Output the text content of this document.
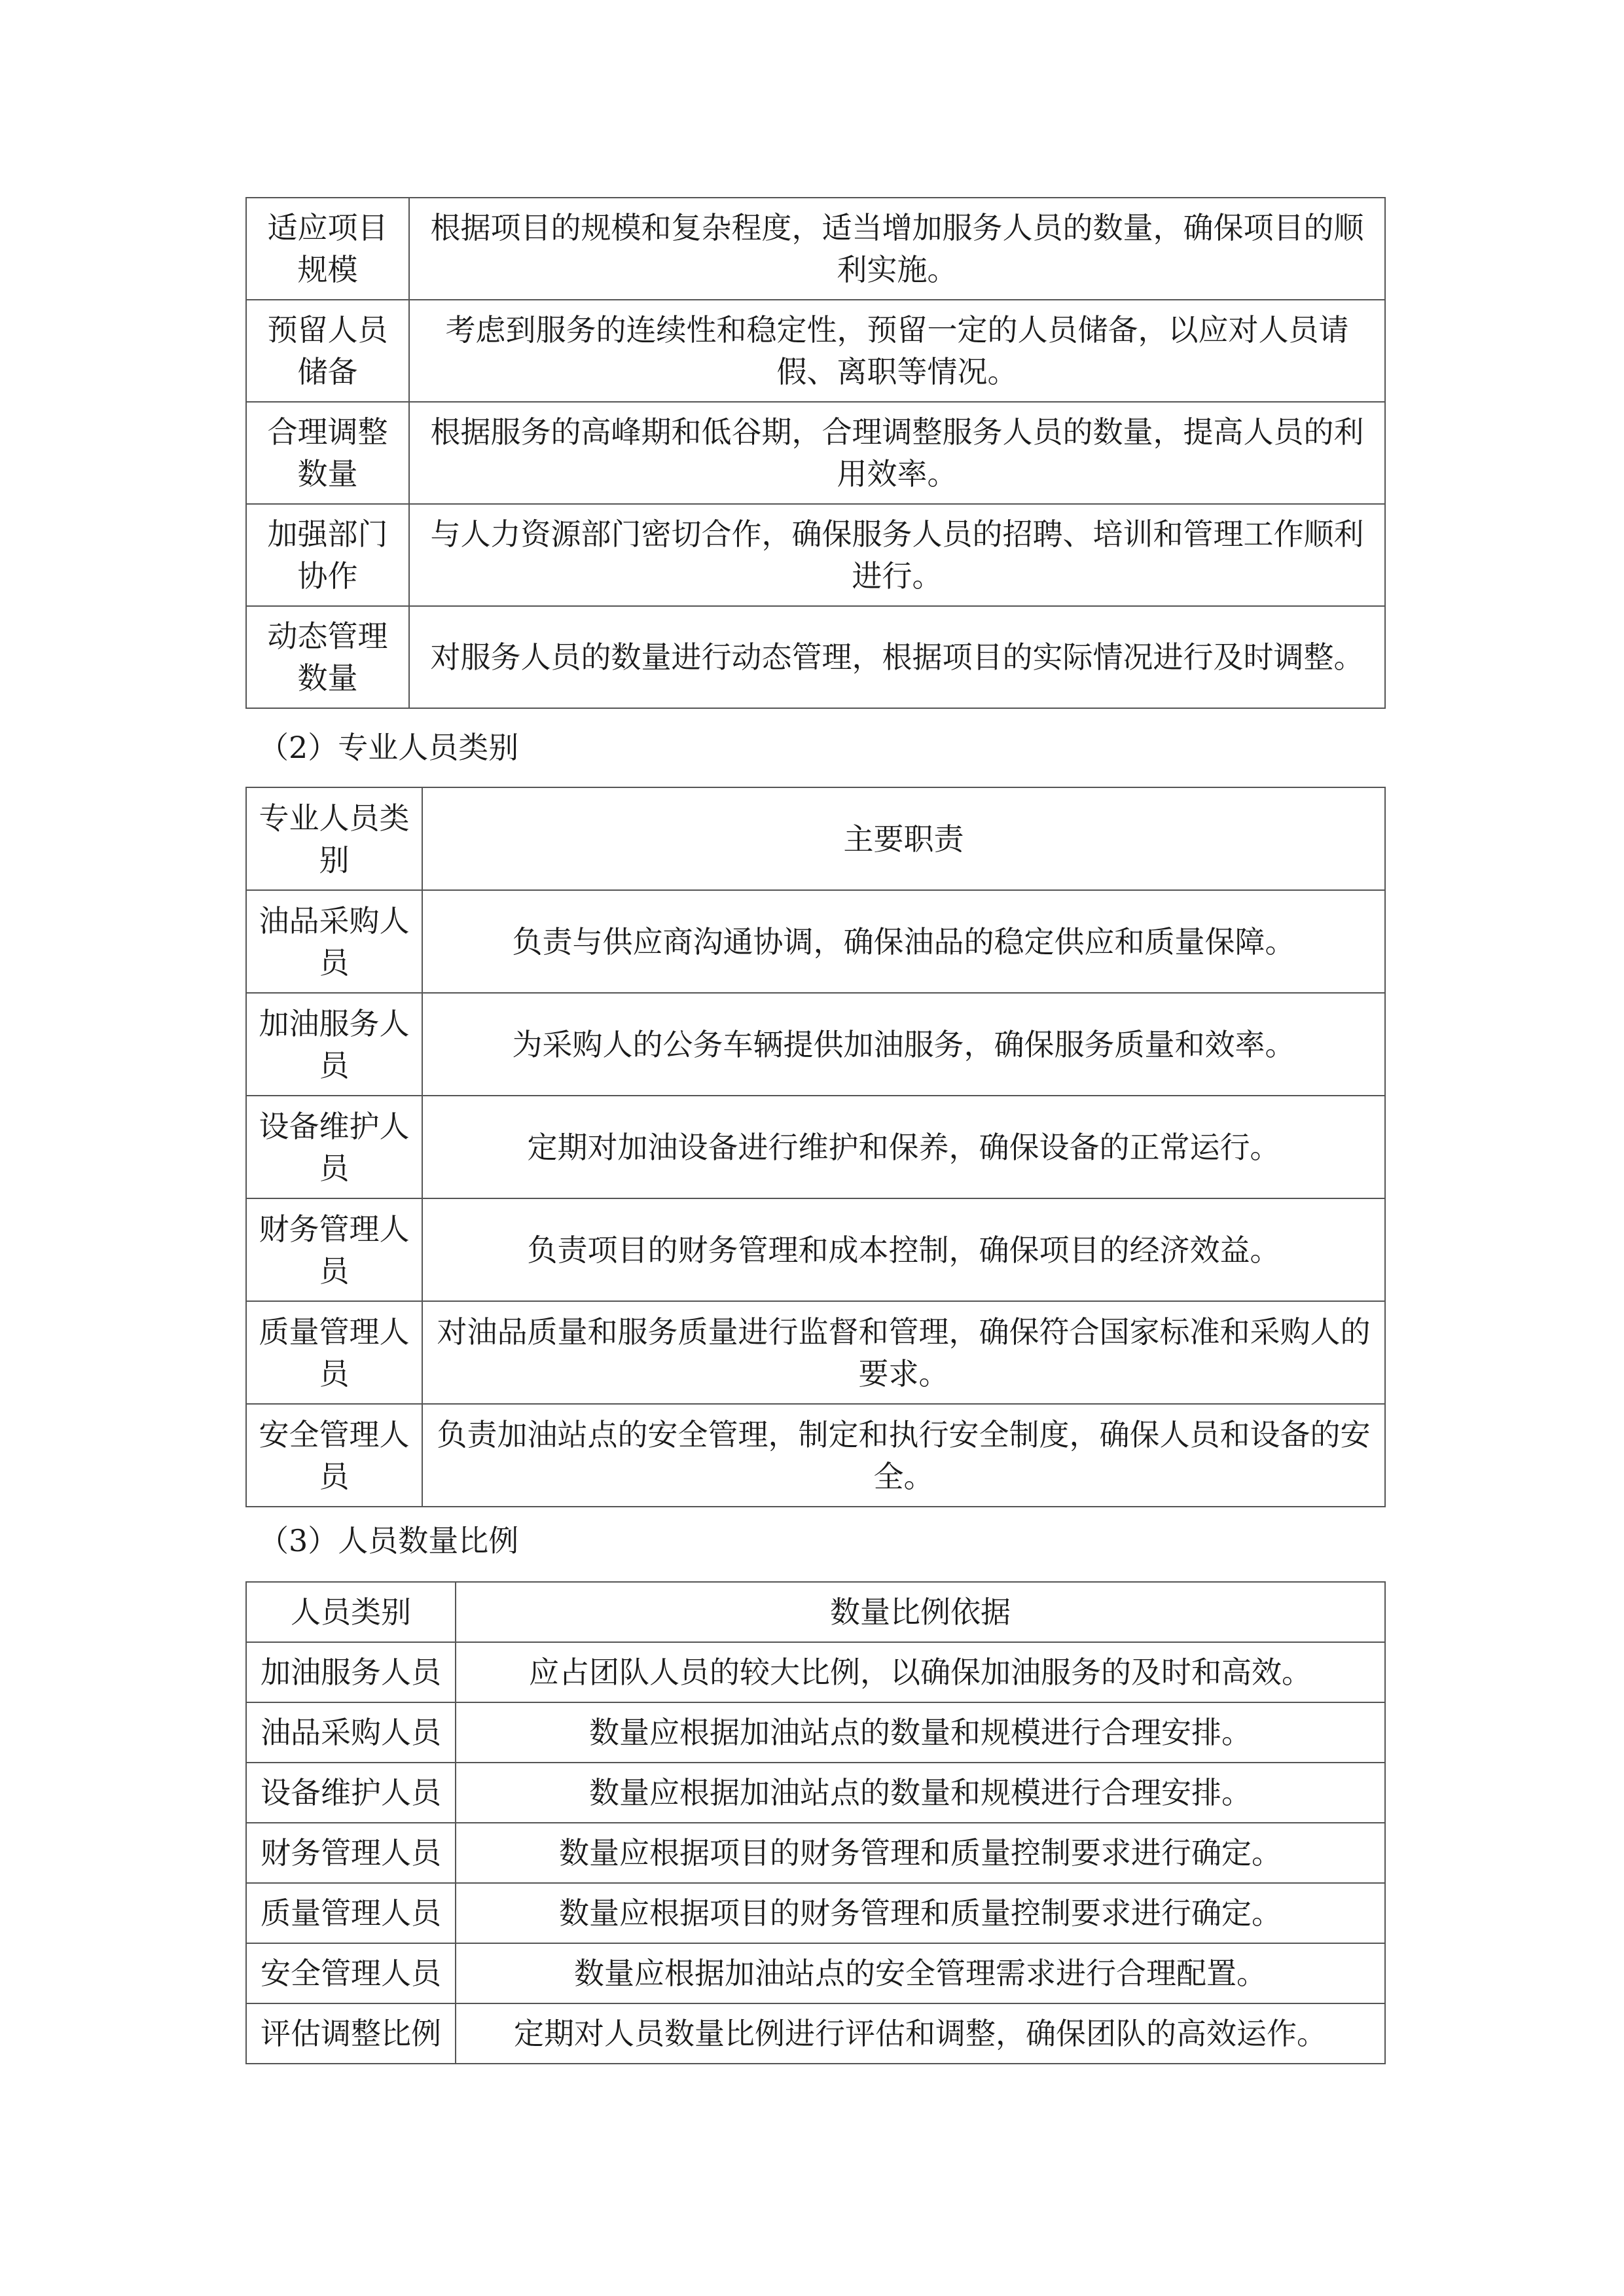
适应项目规模	根据项目的规模和复杂程度，适当增加服务人员的数量，确保项目的顺利实施。
预留人员储备	考虑到服务的连续性和稳定性，预留一定的人员储备，以应对人员请假、离职等情况。
合理调整数量	根据服务的高峰期和低谷期，合理调整服务人员的数量，提高人员的利用效率。
加强部门协作	与人力资源部门密切合作，确保服务人员的招聘、培训和管理工作顺利进行。
动态管理数量	对服务人员的数量进行动态管理，根据项目的实际情况进行及时调整。
（2）专业人员类别
专业人员类别	主要职责
油品采购人员	负责与供应商沟通协调，确保油品的稳定供应和质量保障。
加油服务人员	为采购人的公务车辆提供加油服务，确保服务质量和效率。
设备维护人员	定期对加油设备进行维护和保养，确保设备的正常运行。
财务管理人员	负责项目的财务管理和成本控制，确保项目的经济效益。
质量管理人员	对油品质量和服务质量进行监督和管理，确保符合国家标准和采购人的要求。
安全管理人员	负责加油站点的安全管理，制定和执行安全制度，确保人员和设备的安全。
（3）人员数量比例
人员类别	数量比例依据
加油服务人员	应占团队人员的较大比例，以确保加油服务的及时和高效。
油品采购人员	数量应根据加油站点的数量和规模进行合理安排。
设备维护人员	数量应根据加油站点的数量和规模进行合理安排。
财务管理人员	数量应根据项目的财务管理和质量控制要求进行确定。
质量管理人员	数量应根据项目的财务管理和质量控制要求进行确定。
安全管理人员	数量应根据加油站点的安全管理需求进行合理配置。
评估调整比例	定期对人员数量比例进行评估和调整，确保团队的高效运作。
